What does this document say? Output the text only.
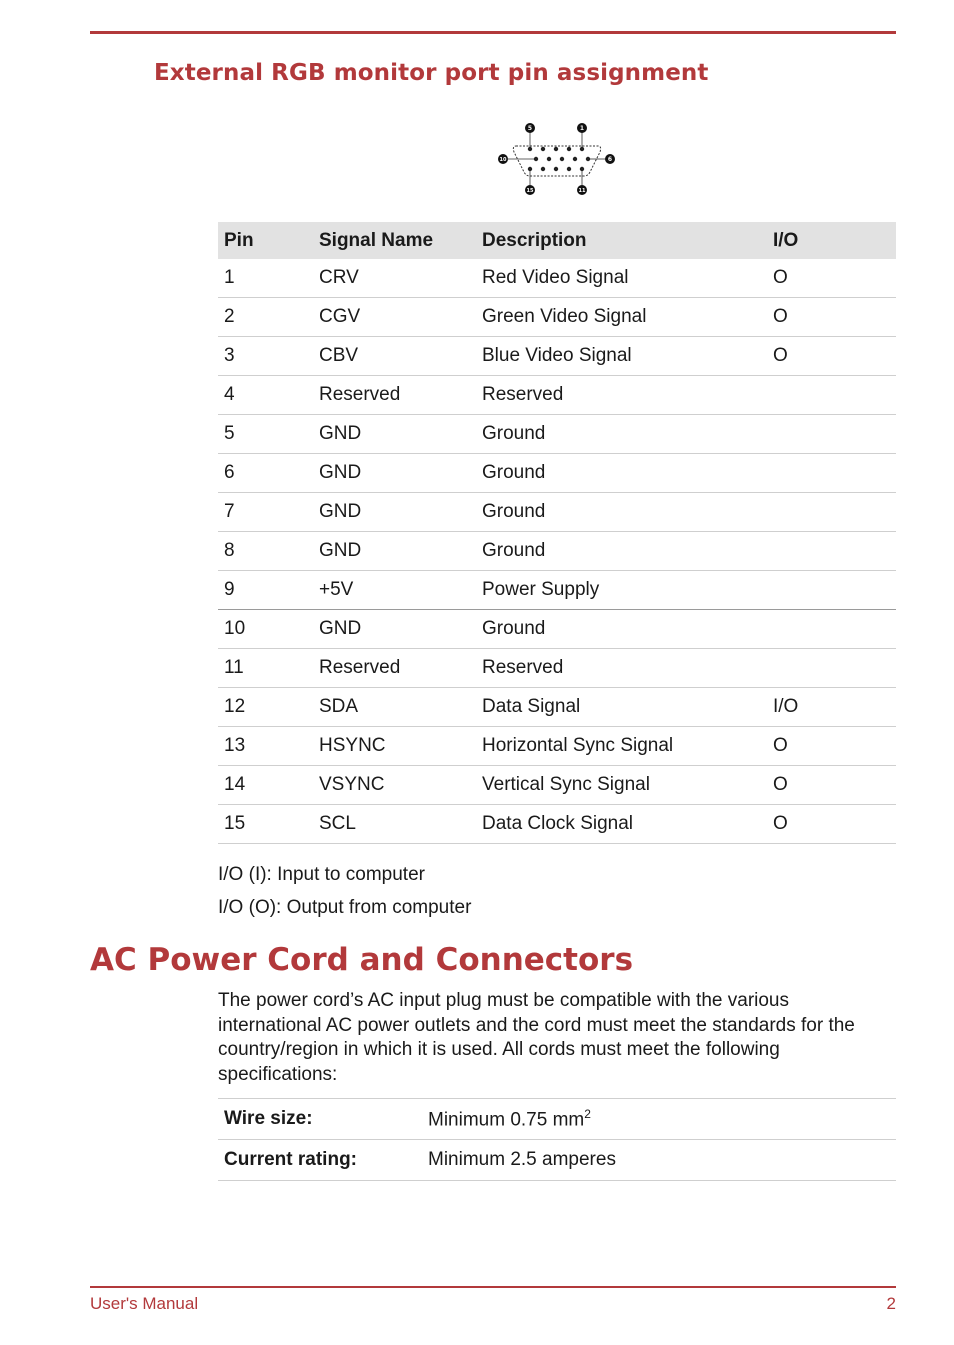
External RGB monitor port pin assignment
5	1
10	6
15	11
Pin	Signal Name	Description	I/O
1	CRV	Red Video Signal	O
2	CGV	Green Video Signal	O
3	CBV	Blue Video Signal	O
4	Reserved	Reserved	
5	GND	Ground	
6	GND	Ground	
7	GND	Ground	
8	GND	Ground	
9	+5V	Power Supply	
10	GND	Ground	
11	Reserved	Reserved	
12	SDA	Data Signal	I/O
13	HSYNC	Horizontal Sync Signal	O
14	VSYNC	Vertical Sync Signal	O
15	SCL	Data Clock Signal	O

I/O (I): Input to computer

I/O (O): Output from computer

AC Power Cord and Connectors

The power cord’s AC input plug must be compatible with the various international AC power outlets and the cord must meet the standards for the country/region in which it is used. All cords must meet the following specifications:

Wire size:	Minimum 0.75 $mm^2$
Current rating:	Minimum 2.5 amperes
User's Manual	2
